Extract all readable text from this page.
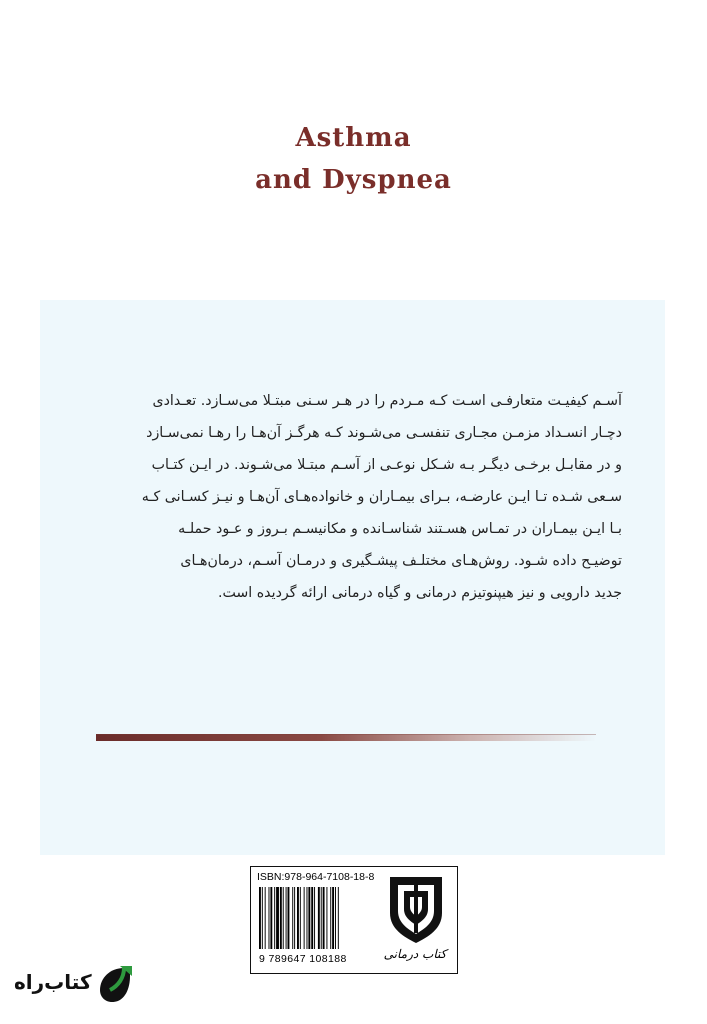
Asthma
and Dyspnea
آسـم کیفیـت متعارفـی اسـت کـه مـردم را در هـر سـنی مبتـلا می‌سـازد. تعـدادی
دچـار انسـداد مزمـن مجـاری تنفسـی می‌شـوند کـه هرگـز آن‌هـا را رهـا نمی‌سـازد
و در مقابـل برخـی دیگـر بـه شـکل نوعـی از آسـم مبتـلا می‌شـوند. در ایـن کتـاب
سـعی شـده تـا ایـن عارضـه، بـرای بیمـاران و خانواده‌هـای آن‌هـا و نیـز کسـانی کـه
بـا ایـن بیمـاران در تمـاس هسـتند شناسـانده و مکانیسـم بـروز و عـود حملـه
توضیـح داده شـود. روش‌هـای مختلـف پیشـگیری و درمـان آسـم، درمان‌هـای
جدید دارویی و نیز هیپنوتیزم درمانی و گیاه درمانی ارائه گردیده است.
ISBN:978-964-7108-18-8
9 789647 108188	کتاب درمانی
کتاب‌راه
